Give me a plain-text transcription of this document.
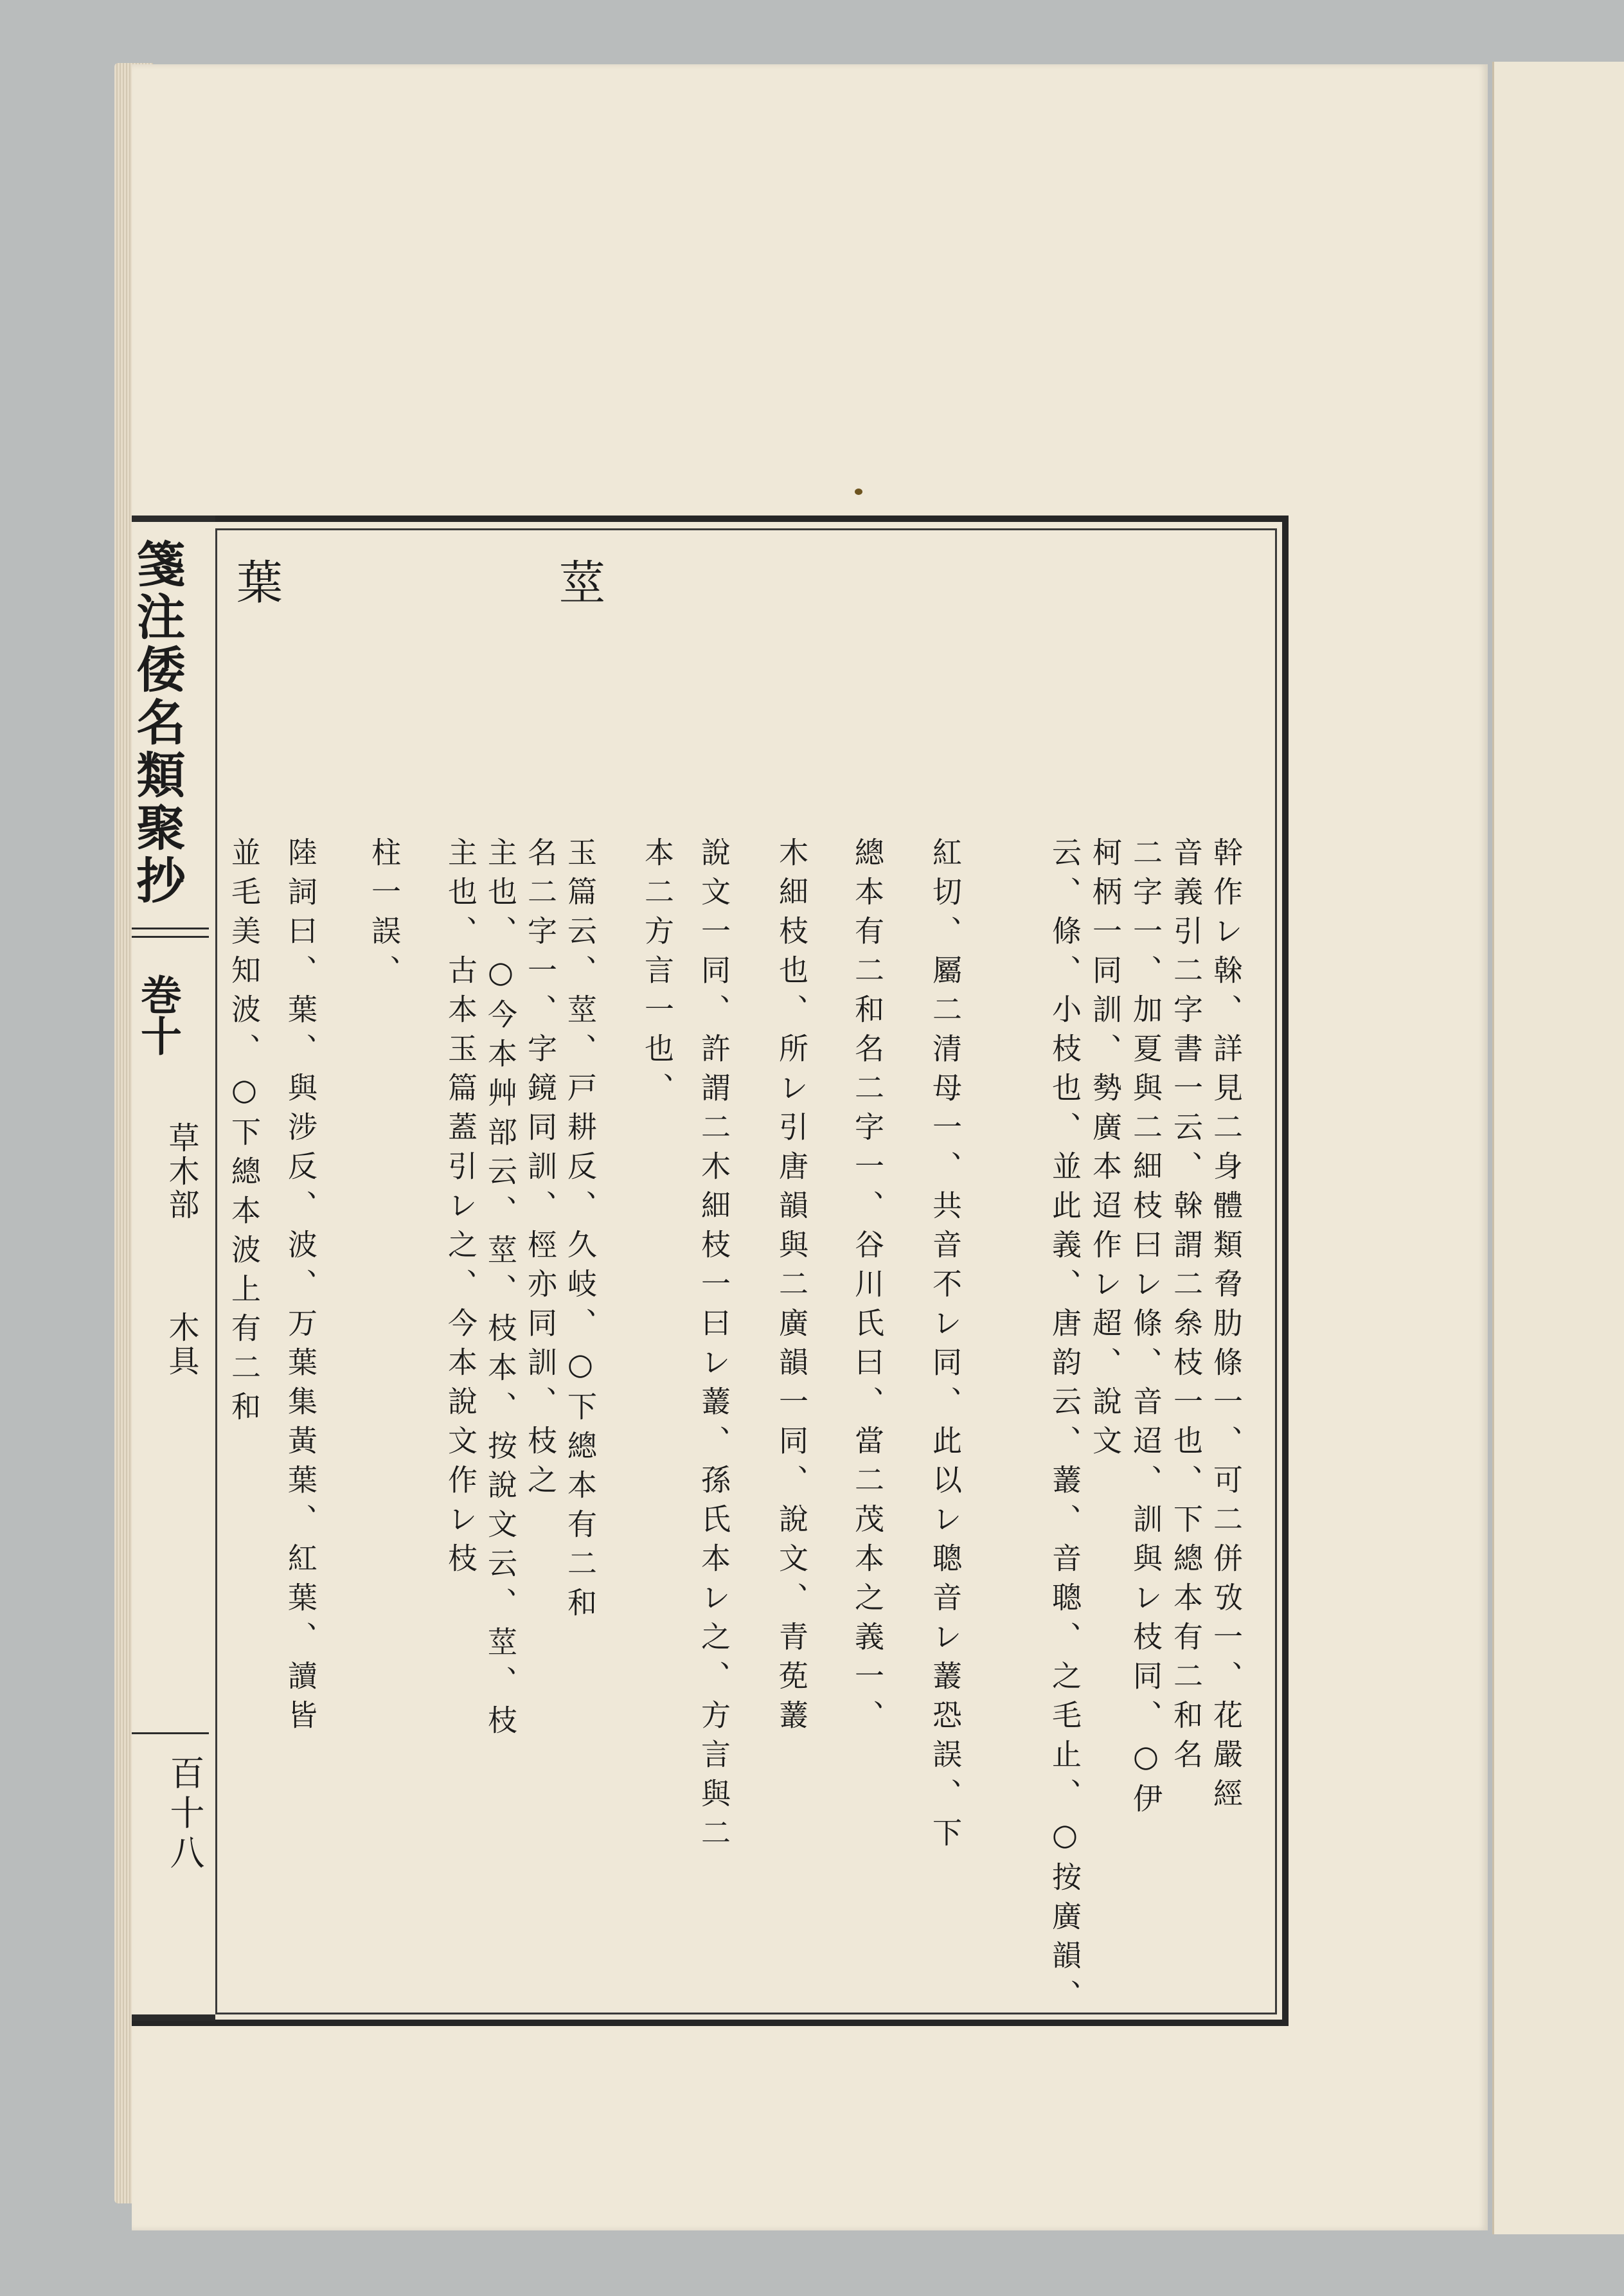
箋注倭名類聚抄
巻十
草木部
木具
百十八
莖
葉
幹作レ榦、詳見二身體類脅肋條一、可二併攷一、花嚴經
音義引二字書一云、榦謂二㕘枝一也、下總本有二和名
二字一、加夏與二細枝曰レ條、音迢、訓與レ枝同、○伊
柯柄一同訓、勢廣本迢作レ超、說文
云、條、小枝也、並此義、唐韵云、䕺、音聰、之毛止、○按廣韻、
紅切、屬二清母一、共音不レ同、此以レ聰音レ䕺恐誤、下
總本有二和名二字一、谷川氏曰、當二茂本之義一、
木細枝也、所レ引唐韻與二廣韻一同、說文、青莬䕺
說文一同、許謂二木細枝一曰レ䕺、孫氏本レ之、方言與二
本二方言一也、
玉篇云、莖、戸耕反、久岐、○下總本有二和
名二字一、字鏡同訓、桱亦同訓、枝之
主也、○今本艸部云、莖、枝本、按說文云、莖、枝
主也、古本玉篇蓋引レ之、今本說文作レ枝
柱一誤、
陸詞曰、葉、與涉反、波、万葉集黃葉、紅葉、讀皆
並毛美知波、○下總本波上有二和
